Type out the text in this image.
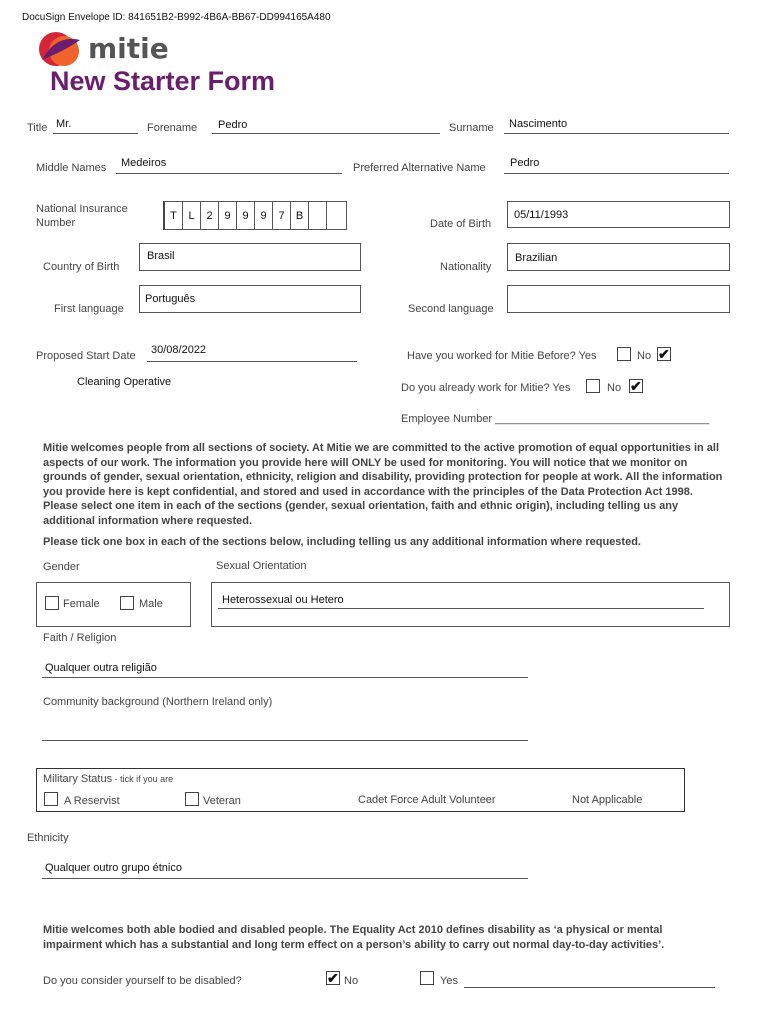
DocuSign Envelope ID: 841651B2-B992-4B6A-BB67-DD994165A480
mitie
New Starter Form
Title Mr.	Forename Pedro	Surname Nascimento
Middle Names Medeiros	Preferred Alternative Name Pedro
National Insurance
Number
T	L	2	9	9	9	7	B
Date of Birth
05/11/1993
Country of Birth
Brasil
Nationality
Brazilian
First language
Português
Second language
Proposed Start Date 30/08/2022
Cleaning Operative
Have you worked for Mitie Before? Yes	No ✔
Do you already work for Mitie? Yes	No ✔
Employee Number ___________________________________
Mitie welcomes people from all sections of society. At Mitie we are committed to the active promotion of equal opportunities in all aspects of our work. The information you provide here will ONLY be used for monitoring. You will notice that we monitor on grounds of gender, sexual orientation, ethnicity, religion and disability, providing protection for people at work. All the information you provide here is kept confidential, and stored and used in accordance with the principles of the Data Protection Act 1998. Please select one item in each of the sections (gender, sexual orientation, faith and ethnic origin), including telling us any additional information where requested.
Please tick one box in each of the sections below, including telling us any additional information where requested.
Gender
Female	Male
Sexual Orientation
Heterossexual ou Hetero
Faith / Religion
Qualquer outra religião
Community background (Northern Ireland only)
Military Status - tick if you are
A Reservist	Veteran	Cadet Force Adult Volunteer	Not Applicable
Ethnicity
Qualquer outro grupo étnico
Mitie welcomes both able bodied and disabled people. The Equality Act 2010 defines disability as ‘a physical or mental impairment which has a substantial and long term effect on a person’s ability to carry out normal day-to-day activities’.
Do you consider yourself to be disabled?	✔ No	Yes
